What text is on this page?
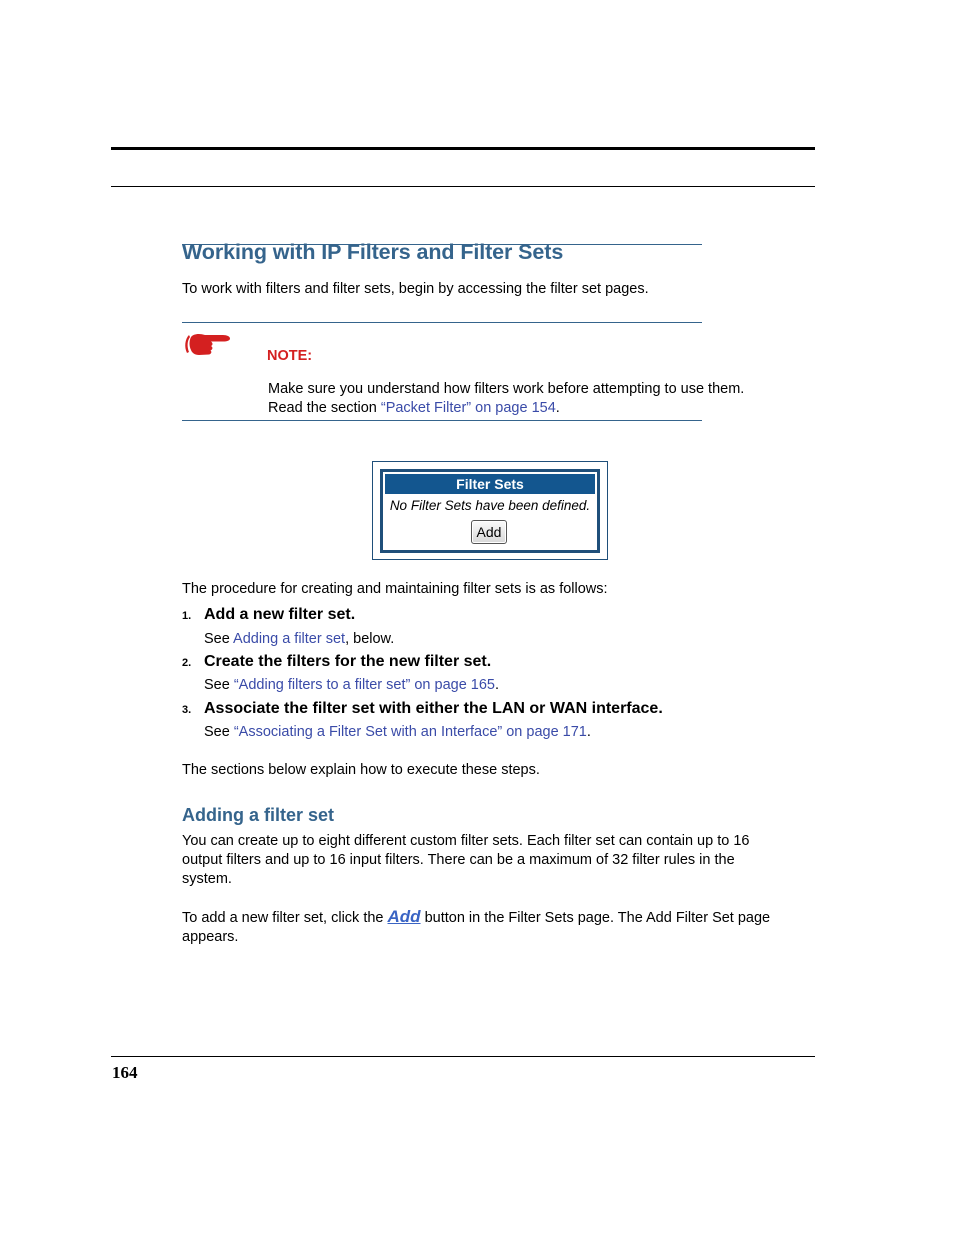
Working with IP Filters and Filter Sets
To work with filters and filter sets, begin by accessing the filter set pages.
NOTE:
Make sure you understand how filters work before attempting to use them.
Read the section “Packet Filter” on page 154.
Filter Sets
No Filter Sets have been defined.
Add
The procedure for creating and maintaining filter sets is as follows:
1. Add a new filter set.
See Adding a filter set, below.
2. Create the filters for the new filter set.
See “Adding filters to a filter set” on page 165.
3. Associate the filter set with either the LAN or WAN interface.
See “Associating a Filter Set with an Interface” on page 171.
The sections below explain how to execute these steps.
Adding a filter set
You can create up to eight different custom filter sets. Each filter set can contain up to 16
output filters and up to 16 input filters. There can be a maximum of 32 filter rules in the
system.
To add a new filter set, click the Add button in the Filter Sets page. The Add Filter Set page
appears.
164
